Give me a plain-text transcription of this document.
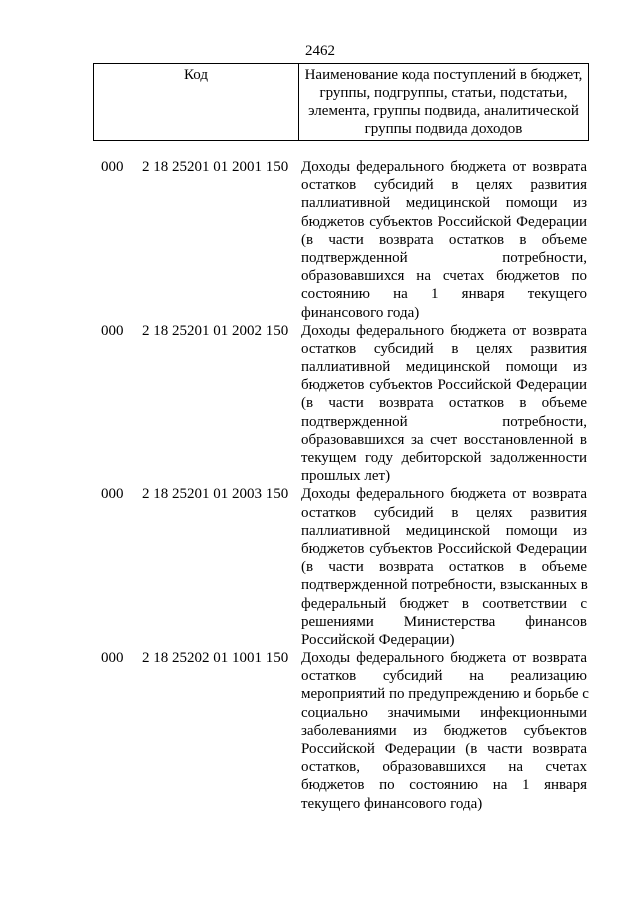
2462
Код	Наименование кода поступлений в бюджет,
группы, подгруппы, статьи, подстатьи,
элемента, группы подвида, аналитической
группы подвида доходов
000 2 18 25201 01 2001 150 Доходы федерального бюджета от возврата
остатков субсидий в целях развития
паллиативной медицинской помощи из
бюджетов субъектов Российской Федерации
(в части возврата остатков в объеме
подтвержденной потребности,
образовавшихся на счетах бюджетов по
состоянию на 1 января текущего
финансового года)
000 2 18 25201 01 2002 150 Доходы федерального бюджета от возврата
остатков субсидий в целях развития
паллиативной медицинской помощи из
бюджетов субъектов Российской Федерации
(в части возврата остатков в объеме
подтвержденной потребности,
образовавшихся за счет восстановленной в
текущем году дебиторской задолженности
прошлых лет)
000 2 18 25201 01 2003 150 Доходы федерального бюджета от возврата
остатков субсидий в целях развития
паллиативной медицинской помощи из
бюджетов субъектов Российской Федерации
(в части возврата остатков в объеме
подтвержденной потребности, взысканных в
федеральный бюджет в соответствии с
решениями Министерства финансов
Российской Федерации)
000 2 18 25202 01 1001 150 Доходы федерального бюджета от возврата
остатков субсидий на реализацию
мероприятий по предупреждению и борьбе с
социально значимыми инфекционными
заболеваниями из бюджетов субъектов
Российской Федерации (в части возврата
остатков, образовавшихся на счетах
бюджетов по состоянию на 1 января
текущего финансового года)
